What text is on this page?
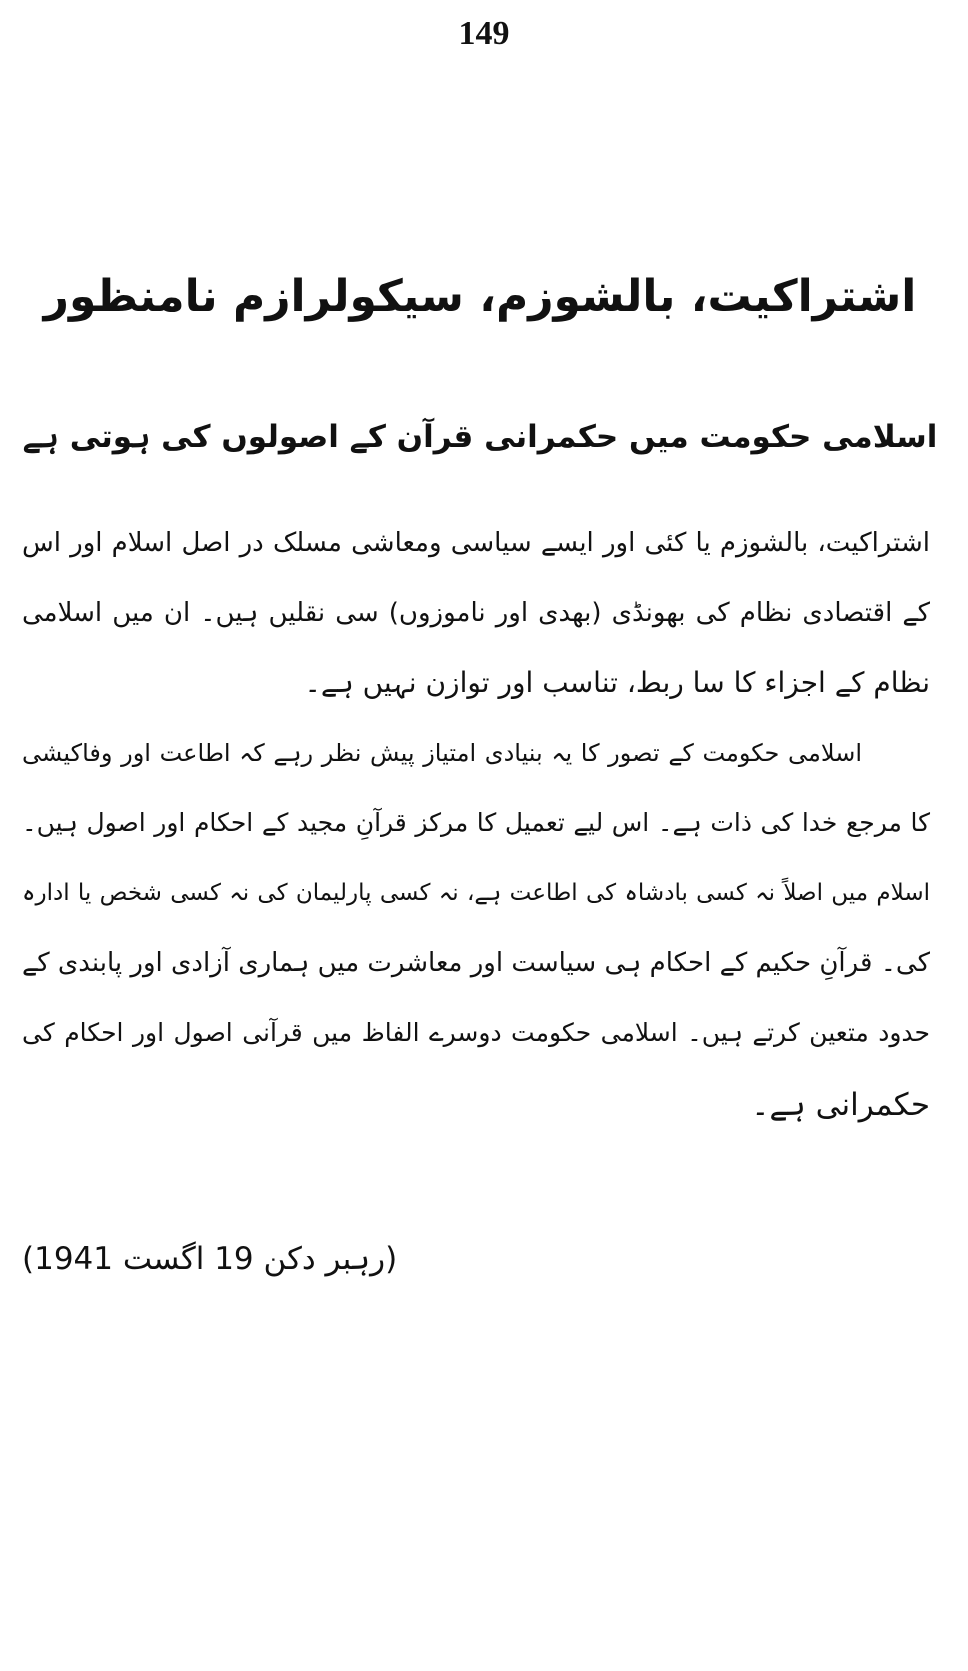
149
اشتراکیت، بالشوزم، سیکولرازم نامنظور
اسلامی حکومت میں حکمرانی قرآن کے اصولوں کی ہوتی ہے
اشتراکیت، بالشوزم یا کئی اور ایسے سیاسی ومعاشی مسلک در اصل اسلام اور اس
کے اقتصادی نظام کی بھونڈی (بھدی اور ناموزوں) سی نقلیں ہیں۔ ان میں اسلامی
نظام کے اجزاء کا سا ربط، تناسب اور توازن نہیں ہے۔
اسلامی حکومت کے تصور کا یہ بنیادی امتیاز پیش نظر رہے کہ اطاعت اور وفاکیشی
کا مرجع خدا کی ذات ہے۔ اس لیے تعمیل کا مرکز قرآنِ مجید کے احکام اور اصول ہیں۔
اسلام میں اصلاً نہ کسی بادشاہ کی اطاعت ہے، نہ کسی پارلیمان کی نہ کسی شخص یا ادارہ
کی۔ قرآنِ حکیم کے احکام ہی سیاست اور معاشرت میں ہماری آزادی اور پابندی کے
حدود متعین کرتے ہیں۔ اسلامی حکومت دوسرے الفاظ میں قرآنی اصول اور احکام کی
حکمرانی ہے۔
(رہبر دکن 19 اگست 1941)
